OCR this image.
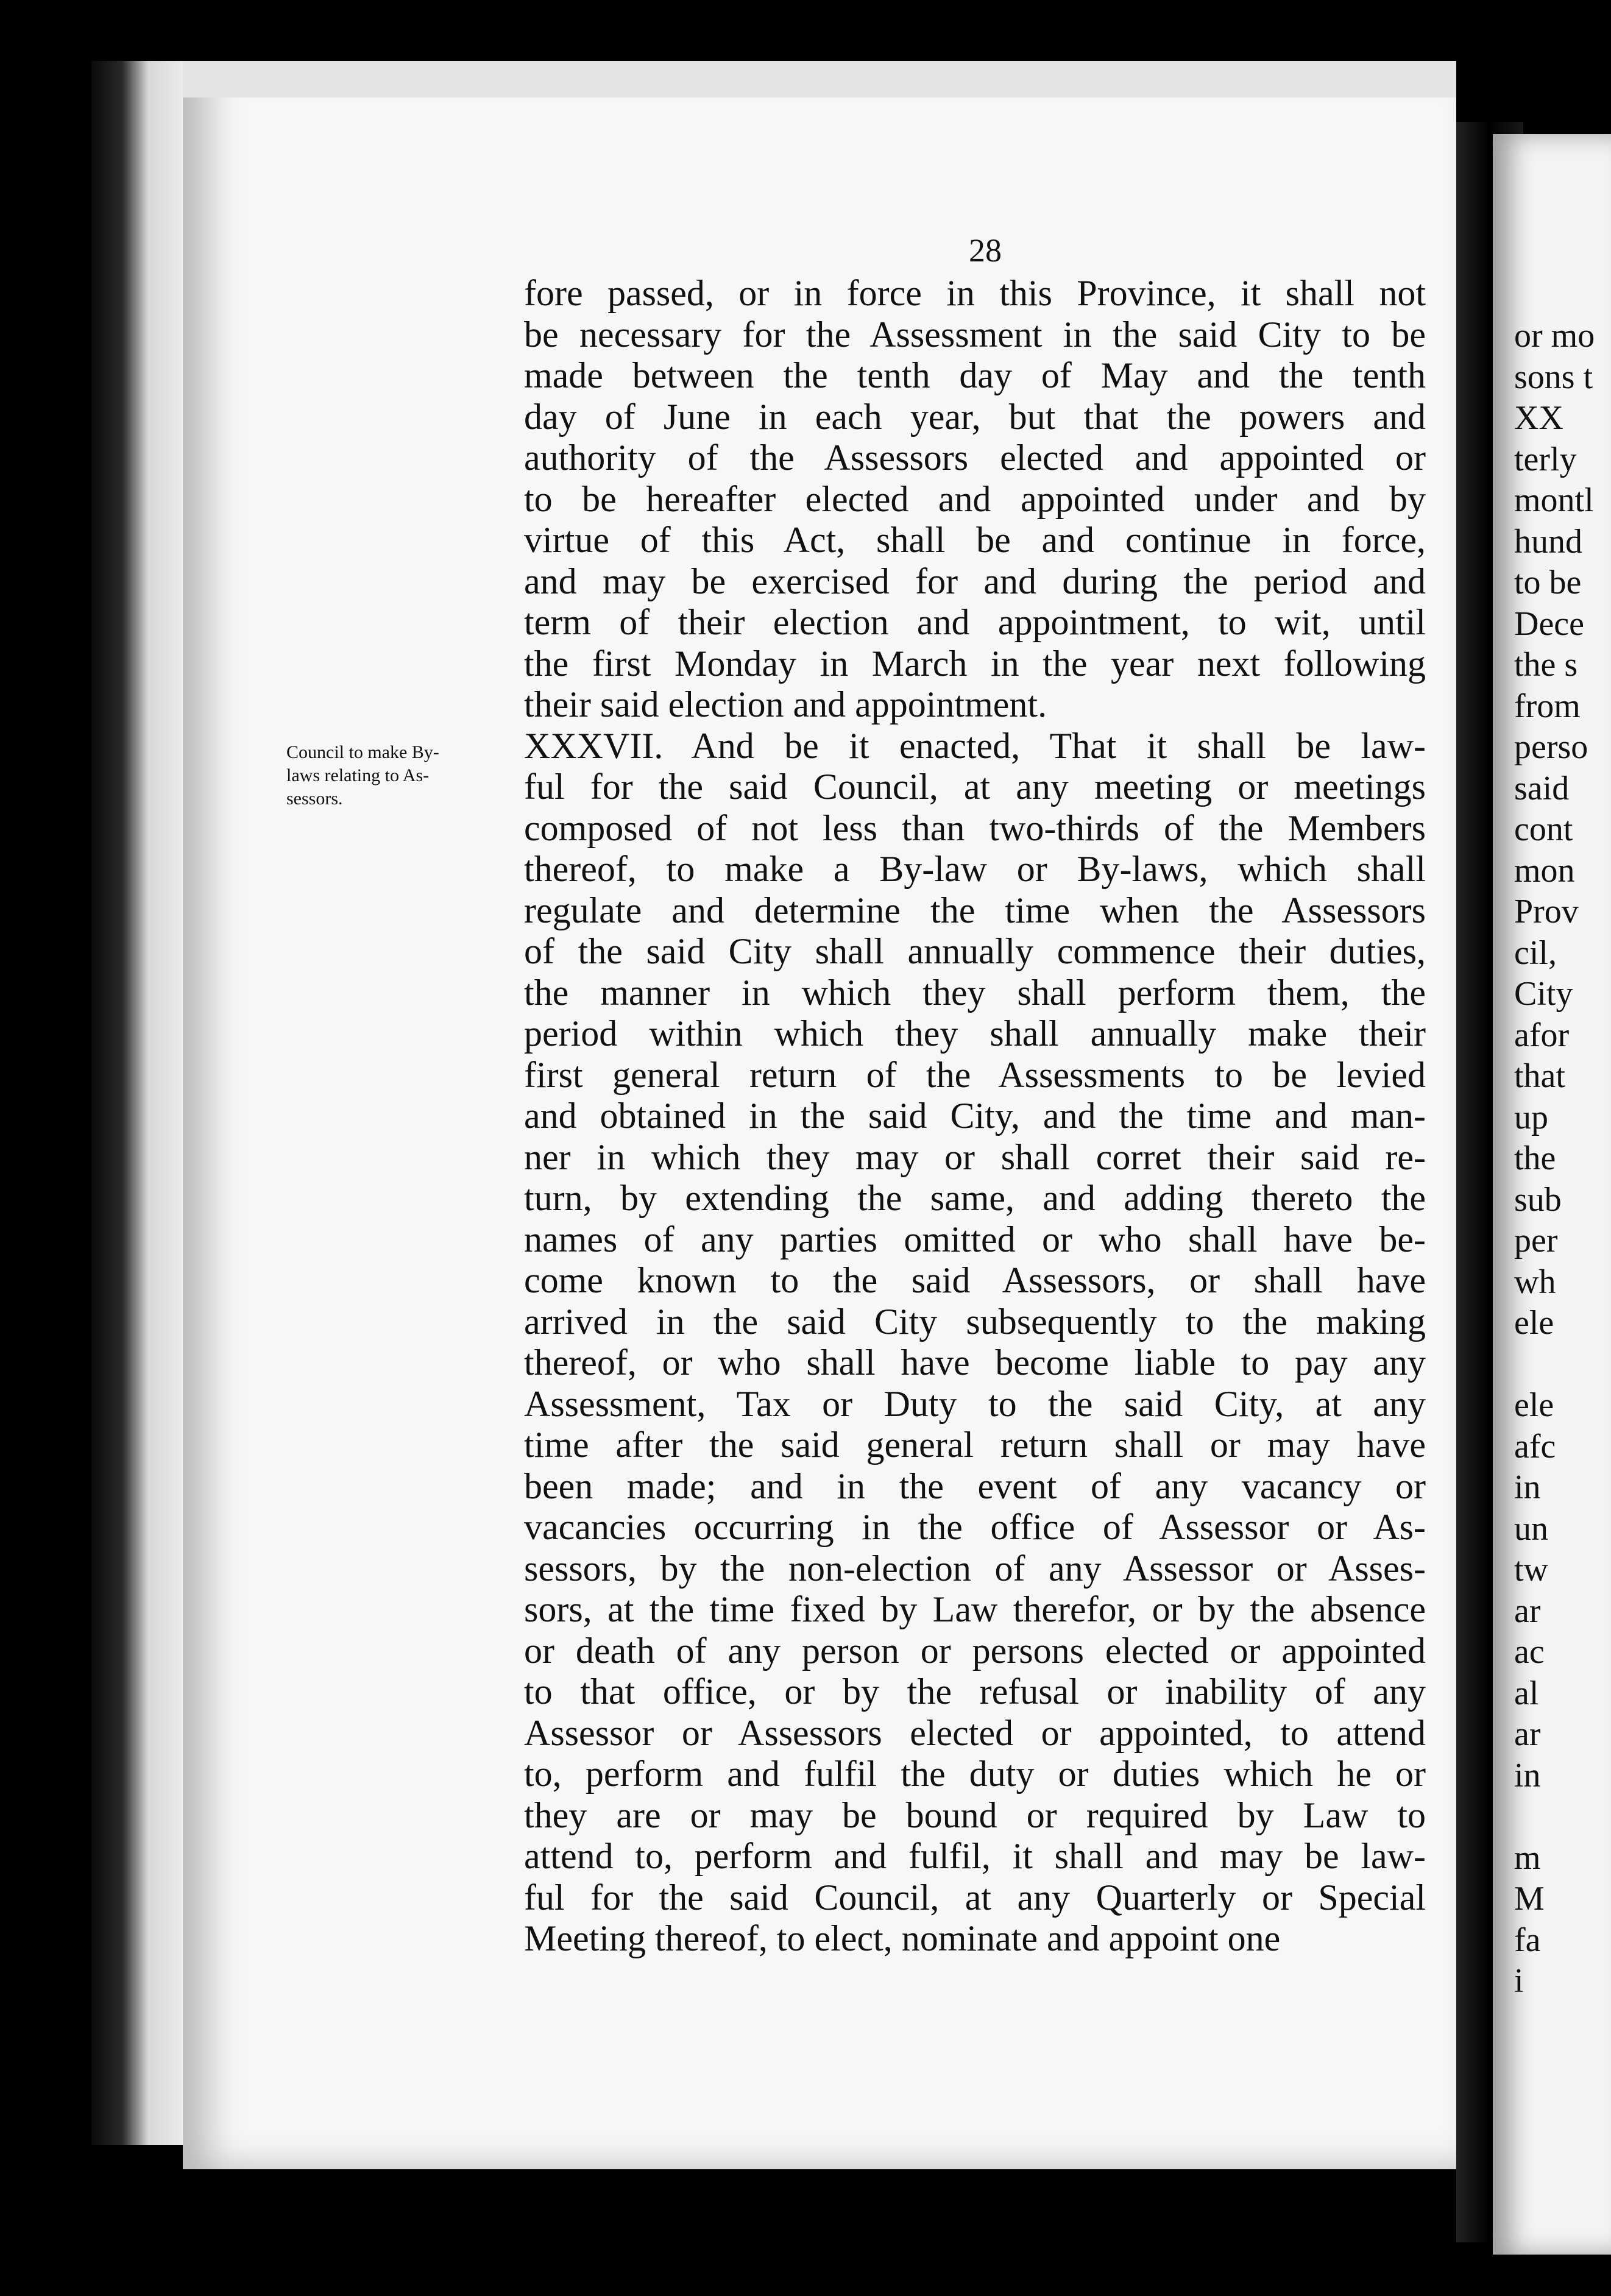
28
Council to make By-
laws relating to As-
sessors.
fore passed, or in force in this Province, it shall not
be necessary for the Assessment in the said City to be
made between the tenth day of May and the tenth
day of June in each year, but that the powers and
authority of the Assessors elected and appointed or
to be hereafter elected and appointed under and by
virtue of this Act, shall be and continue in force,
and may be exercised for and during the period and
term of their election and appointment, to wit, until
the first Monday in March in the year next following
their said election and appointment.
XXXVII. And be it enacted, That it shall be law-
ful for the said Council, at any meeting or meetings
composed of not less than two-thirds of the Members
thereof, to make a By-law or By-laws, which shall
regulate and determine the time when the Assessors
of the said City shall annually commence their duties,
the manner in which they shall perform them, the
period within which they shall annually make their
first general return of the Assessments to be levied
and obtained in the said City, and the time and man-
ner in which they may or shall corret their said re-
turn, by extending the same, and adding thereto the
names of any parties omitted or who shall have be-
come known to the said Assessors, or shall have
arrived in the said City subsequently to the making
thereof, or who shall have become liable to pay any
Assessment, Tax or Duty to the said City, at any
time after the said general return shall or may have
been made; and in the event of any vacancy or
vacancies occurring in the office of Assessor or As-
sessors, by the non-election of any Assessor or Asses-
sors, at the time fixed by Law therefor, or by the absence
or death of any person or persons elected or appointed
to that office, or by the refusal or inability of any
Assessor or Assessors elected or appointed, to attend
to, perform and fulfil the duty or duties which he or
they are or may be bound or required by Law to
attend to, perform and fulfil, it shall and may be law-
ful for the said Council, at any Quarterly or Special
Meeting thereof, to elect, nominate and appoint one
or mo
sons t
XX
terly
montl
hund
to be
Dece
the s
from
perso
said
cont
mon
Prov
cil,
City
afor
that
up
the
sub
per
wh
ele
ele
afc
in
un
tw
ar
ac
al
ar
in
m
M
fa
i
